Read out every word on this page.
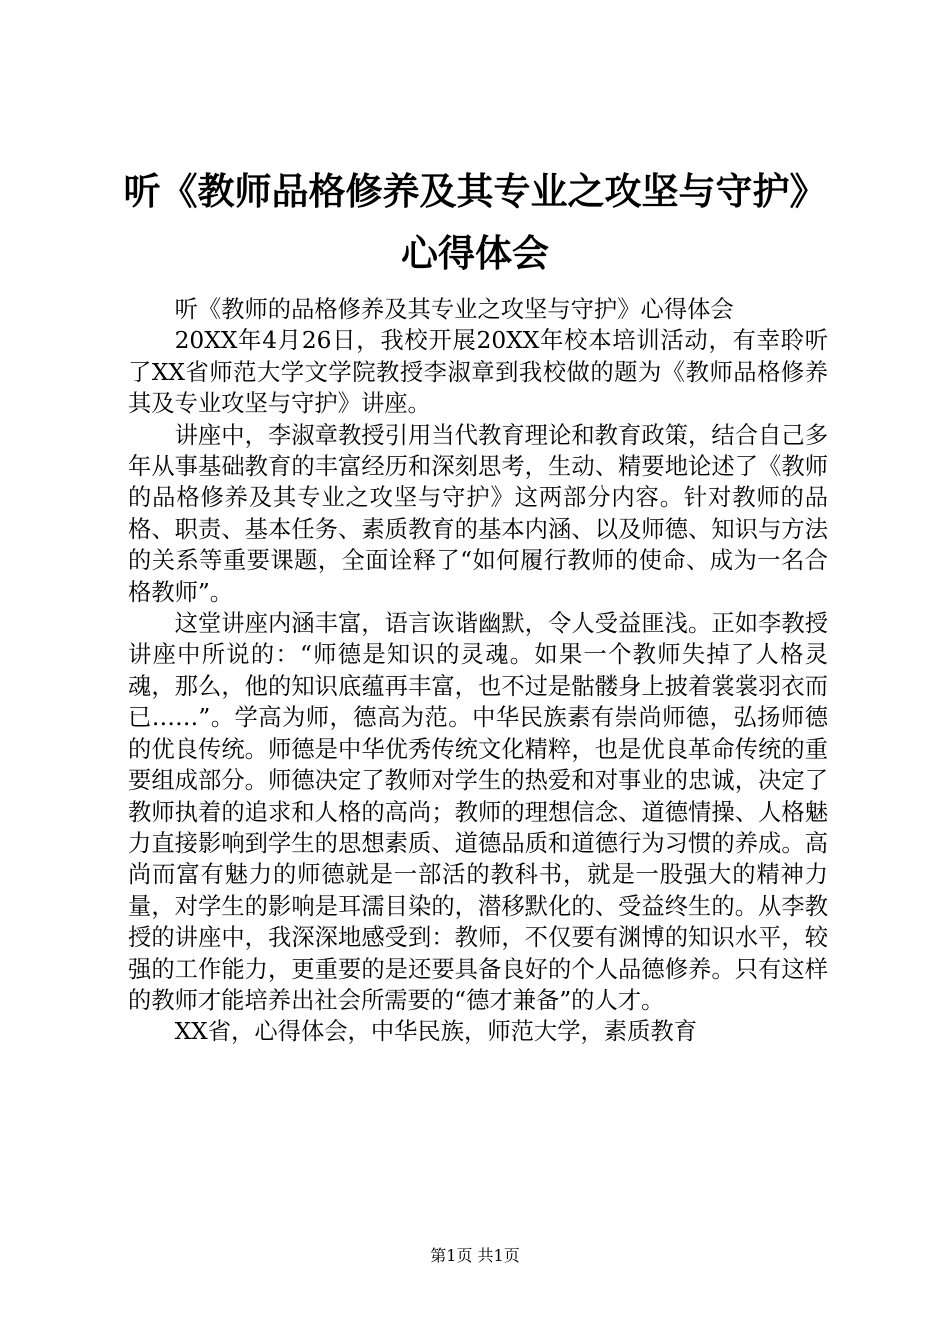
听《教师品格修养及其专业之攻坚与守护》心得体会

听《教师的品格修养及其专业之攻坚与守护》心得体会

20XX年4月26日，我校开展20XX年校本培训活动，有幸聆听了XX省师范大学文学院教授李淑章到我校做的题为《教师品格修养其及专业攻坚与守护》讲座。

讲座中，李淑章教授引用当代教育理论和教育政策，结合自己多年从事基础教育的丰富经历和深刻思考，生动、精要地论述了《教师的品格修养及其专业之攻坚与守护》这两部分内容。针对教师的品格、职责、基本任务、素质教育的基本内涵、以及师德、知识与方法的关系等重要课题，全面诠释了“如何履行教师的使命、成为一名合格教师”。

这堂讲座内涵丰富，语言诙谐幽默，令人受益匪浅。正如李教授讲座中所说的：“师德是知识的灵魂。如果一个教师失掉了人格灵魂，那么，他的知识底蕴再丰富，也不过是骷髅身上披着裳裳羽衣而已……”。学高为师，德高为范。中华民族素有崇尚师德，弘扬师德的优良传统。师德是中华优秀传统文化精粹，也是优良革命传统的重要组成部分。师德决定了教师对学生的热爱和对事业的忠诚，决定了教师执着的追求和人格的高尚；教师的理想信念、道德情操、人格魅力直接影响到学生的思想素质、道德品质和道德行为习惯的养成。高尚而富有魅力的师德就是一部活的教科书，就是一股强大的精神力量，对学生的影响是耳濡目染的，潜移默化的、受益终生的。从李教授的讲座中，我深深地感受到：教师，不仅要有渊博的知识水平，较强的工作能力，更重要的是还要具备良好的个人品德修养。只有这样的教师才能培养出社会所需要的“德才兼备”的人才。

XX省，心得体会，中华民族，师范大学，素质教育

第1页 共1页
